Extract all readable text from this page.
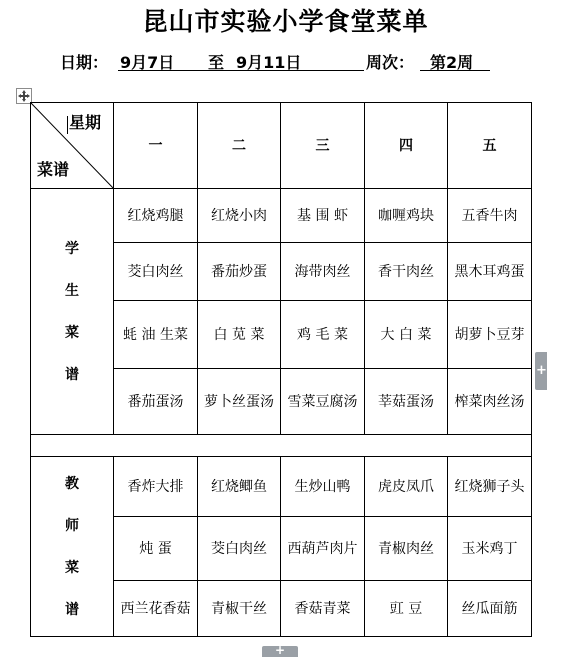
昆山市实验小学食堂菜单
日期： 9月7日 至 9月11日	周次： 第2周
星期
菜谱	一	二	三	四	五
学生菜谱	红烧鸡腿	红烧小肉	基 围 虾	咖喱鸡块	五香牛肉
	茭白肉丝	番茄炒蛋	海带肉丝	香干肉丝	黑木耳鸡蛋
	蚝 油 生菜	白 苋 菜	鸡 毛 菜	大 白 菜	胡萝卜豆芽
	番茄蛋汤	萝卜丝蛋汤	雪菜豆腐汤	莘菇蛋汤	榨菜肉丝汤

教师菜谱	香炸大排	红烧鲫鱼	生炒山鸭	虎皮凤爪	红烧狮子头
	炖 蛋	茭白肉丝	西葫芦肉片	青椒肉丝	玉米鸡丁
	西兰花香菇	青椒干丝	香菇青菜	豇 豆	丝瓜面筋
+
+
